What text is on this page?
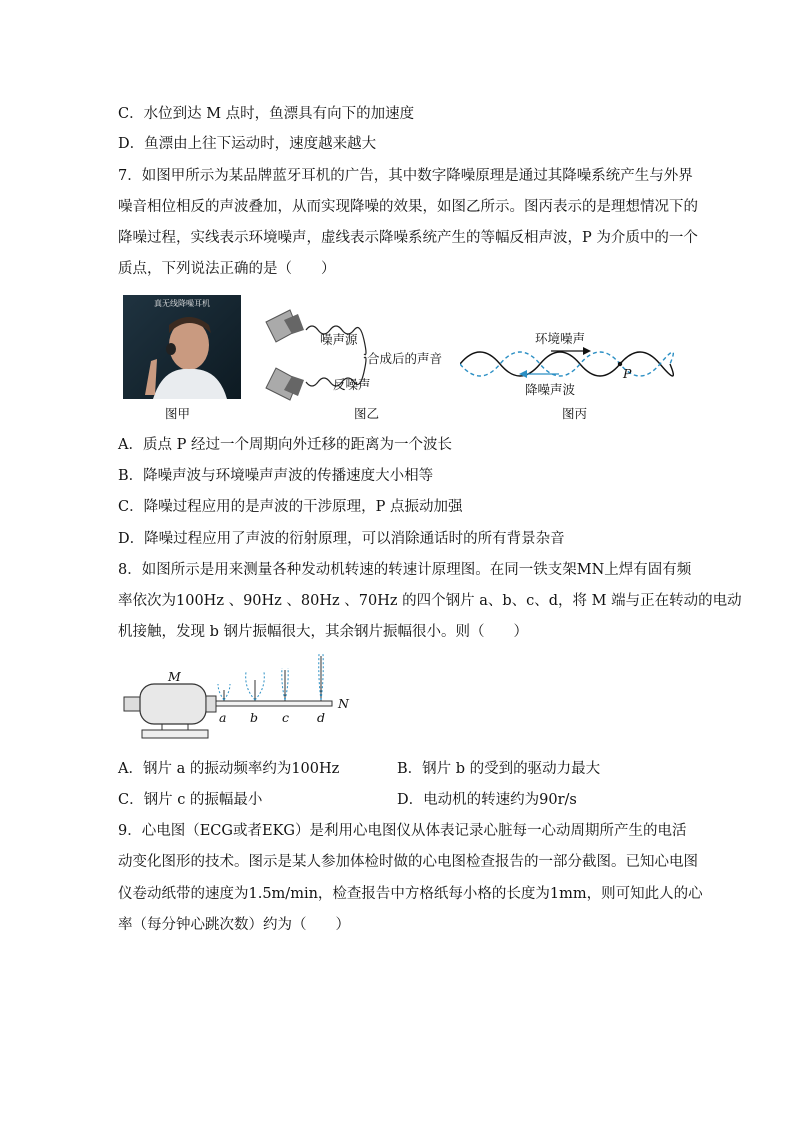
C．水位到达 M 点时，鱼漂具有向下的加速度
D．鱼漂由上往下运动时，速度越来越大
7．如图甲所示为某品牌蓝牙耳机的广告，其中数字降噪原理是通过其降噪系统产生与外界
噪音相位相反的声波叠加，从而实现降噪的效果，如图乙所示。图丙表示的是理想情况下的
降噪过程，实线表示环境噪声，虚线表示降噪系统产生的等幅反相声波，P 为介质中的一个
质点，下列说法正确的是（　　）
真无线降噪耳机
图甲
噪声源
合成后的声音
反噪声
图乙
环境噪声
降噪声波
P
图丙
A．质点 P 经过一个周期向外迁移的距离为一个波长
B．降噪声波与环境噪声声波的传播速度大小相等
C．降噪过程应用的是声波的干涉原理，P 点振动加强
D．降噪过程应用了声波的衍射原理，可以消除通话时的所有背景杂音
8．如图所示是用来测量各种发动机转速的转速计原理图。在同一铁支架MN上焊有固有频
率依次为100Hz 、90Hz 、80Hz 、70Hz 的四个钢片 a、b、c、d，将 M 端与正在转动的电动
机接触，发现 b 钢片振幅很大，其余钢片振幅很小。则（　　）
M
N
a b c d
A．钢片 a 的振动频率约为100Hz	B．钢片 b 的受到的驱动力最大
C．钢片 c 的振幅最小	D．电动机的转速约为90r/s
9．心电图（ECG或者EKG）是利用心电图仪从体表记录心脏每一心动周期所产生的电活
动变化图形的技术。图示是某人参加体检时做的心电图检查报告的一部分截图。已知心电图
仪卷动纸带的速度为1.5m/min，检查报告中方格纸每小格的长度为1mm，则可知此人的心
率（每分钟心跳次数）约为（　　）
